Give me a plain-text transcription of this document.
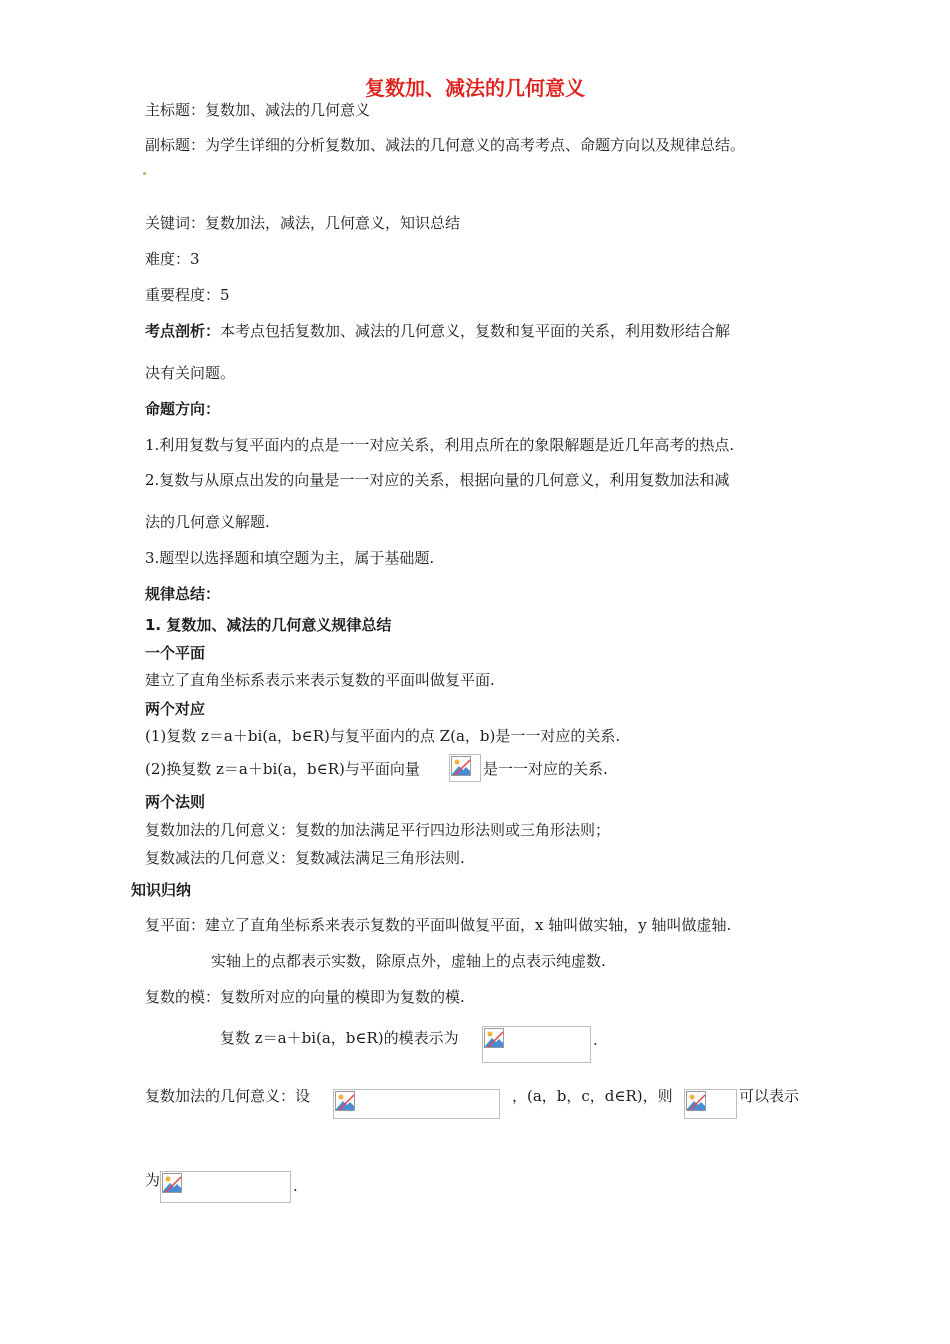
复数加、减法的几何意义
主标题：复数加、减法的几何意义
副标题：为学生详细的分析复数加、减法的几何意义的高考考点、命题方向以及规律总结。
关键词：复数加法，减法，几何意义，知识总结
难度：3
重要程度：5
考点剖析：本考点包括复数加、减法的几何意义，复数和复平面的关系，利用数形结合解
决有关问题。
命题方向：
1.利用复数与复平面内的点是一一对应关系，利用点所在的象限解题是近几年高考的热点.
2.复数与从原点出发的向量是一一对应的关系，根据向量的几何意义，利用复数加法和减
法的几何意义解题.
3.题型以选择题和填空题为主，属于基础题.
规律总结：
1. 复数加、减法的几何意义规律总结
一个平面
建立了直角坐标系表示来表示复数的平面叫做复平面.
两个对应
(1)复数 z＝a＋bi(a，b∈R)与复平面内的点 Z(a，b)是一一对应的关系.
(2)换复数 z＝a＋bi(a，b∈R)与平面向量	是一一对应的关系.
两个法则
复数加法的几何意义：复数的加法满足平行四边形法则或三角形法则；
复数减法的几何意义：复数减法满足三角形法则.
知识归纳
复平面：建立了直角坐标系来表示复数的平面叫做复平面，x 轴叫做实轴，y 轴叫做虚轴.
实轴上的点都表示实数，除原点外，虚轴上的点表示纯虚数.
复数的模：复数所对应的向量的模即为复数的模.
复数 z＝a＋bi(a，b∈R)的模表示为	.
复数加法的几何意义：设	，(a，b，c，d∈R)，则	可以表示
为	.
